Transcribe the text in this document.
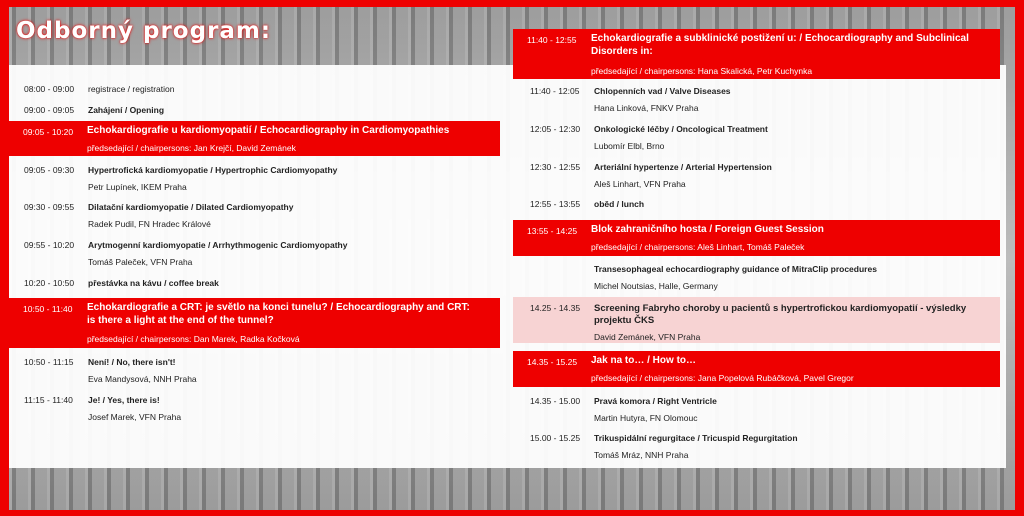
Odborný program:
08:00 - 09:00	registrace / registration
09:00 - 09:05	Zahájení / Opening
09:05 - 10:20	Echokardiografie u kardiomyopatií / Echocardiography in Cardiomyopathies
předsedající / chairpersons: Jan Krejčí, David Zemánek
09:05 - 09:30	Hypertrofická kardiomyopatie / Hypertrophic Cardiomyopathy
Petr Lupínek, IKEM Praha
09:30 - 09:55	Dilatační kardiomyopatie / Dilated Cardiomyopathy
Radek Pudil, FN Hradec Králové
09:55 - 10:20	Arytmogenní kardiomyopatie / Arrhythmogenic Cardiomyopathy
Tomáš Paleček, VFN Praha
10:20 - 10:50	přestávka na kávu / coffee break
10:50 - 11:40	Echokardiografie a CRT: je světlo na konci tunelu? / Echocardiography and CRT:
is there a light at the end of the tunnel?
předsedající / chairpersons: Dan Marek, Radka Kočková
10:50 - 11:15	Není! / No, there isn't!
Eva Mandysová, NNH Praha
11:15 - 11:40	Je! / Yes, there is!
Josef Marek, VFN Praha
11:40 - 12:55	Echokardiografie a subklinické postižení u: / Echocardiography and Subclinical
Disorders in:
předsedající / chairpersons: Hana Skalická, Petr Kuchynka
11:40 - 12:05	Chlopenních vad / Valve Diseases
Hana Linková, FNKV Praha
12:05 - 12:30	Onkologické léčby / Oncological Treatment
Lubomír Elbl, Brno
12:30 - 12:55	Arteriální hypertenze / Arterial Hypertension
Aleš Linhart, VFN Praha
12:55 - 13:55	oběd / lunch
13:55 - 14:25	Blok zahraničního hosta / Foreign Guest Session
předsedající / chairpersons: Aleš Linhart, Tomáš Paleček
Transesophageal echocardiography guidance of MitraClip procedures
Michel Noutsias, Halle, Germany
14.25 - 14.35	Screening Fabryho choroby u pacientů s hypertrofickou kardiomyopatií - výsledky
projektu ČKS
David Zemánek, VFN Praha
14.35 - 15.25	Jak na to… / How to…
předsedající / chairpersons: Jana Popelová Rubáčková, Pavel Gregor
14.35 - 15.00	Pravá komora / Right Ventricle
Martin Hutyra, FN Olomouc
15.00 - 15.25	Trikuspidální regurgitace / Tricuspid Regurgitation
Tomáš Mráz, NNH Praha
